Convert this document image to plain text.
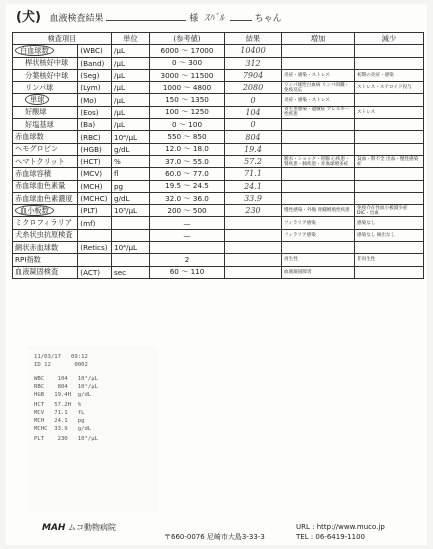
(犬) 血液検査結果	様 ｽﾊﾞﾙ	ちゃん
検査項目		単位	(参考値)	結果	増加	減少
白血球数	(WBC)	/μL	6000 ～ 17000	10400		
桿状核好中球	(Band)	/μL	0 ～ 300	312		
分葉核好中球	(Seg)	/μL	3000 ～ 11500	7904	炎症・感染・ストレス	初期の炎症・感染
リンパ球	(Lym)	/μL	1000 ～ 4800	2080	リンパ球性白血病 リンパ肉腫・免疫反応	ストレス・ステロイド投与
単球	(Mo)	/μL	150 ～ 1350	0	炎症・感染・ストレス	
好酸球	(Eos)	/μL	100 ～ 1250	104	寄生虫感染・過敏症 アレルギー性疾患	ストレス
好塩基球	(Ba)	/μL	0 ～ 100	0		
赤血球数	(RBC)	10⁴/μL	550 ～ 850	804		
ヘモグロビン	(HGB)	g/dL	12.0 ～ 18.0	19.4		
ヘマトクリット	(HCT)	%	37.0 ～ 55.0	57.2	脱水・ショック・胃腸 心疾患・腎疾患・肺疾患・赤血球増多症	貧血・腎不全 出血・慢性感染症
赤血球容積	(MCV)	fl	60.0 ～ 77.0	71.1		
赤血球血色素量	(MCH)	pg	19.5 ～ 24.5	24.1		
赤血球血色素濃度	(MCHC)	g/dL	32.0 ～ 36.0	33.9		
血小板数	(PLT)	10³/μL	200 ～ 500	230	慢性感染・外傷 骨髄増殖性疾患	免疫介在性血小板減少症 DIC・出血
ミクロフィラリア	(mf)		—		フィラリア感染	感染なし
犬糸状虫抗原検査			—		フィラリア感染	感染なし 検出なし
網状赤血球数	(Retics)	10⁴/μL				
RPI指数			2		再生性	非再生性
血液凝固検査	(ACT)	sec	60 ～ 110		血液凝固障害	
11/03/17   09:12
ID 12       0002
WBC    104   10³/μL
RBC    804   10⁴/μL
HGB   19.4H  g/dL
HCT   57.2H  %
MCV   71.1   fL
MCH   24.1   pg
MCHC  33.9   g/dL
PLT    230   10³/μL
MAH ムコ動物病院
〒660-0076 尼崎市大島3-33-3
URL : http://www.muco.jp
TEL : 06-6419-1100
